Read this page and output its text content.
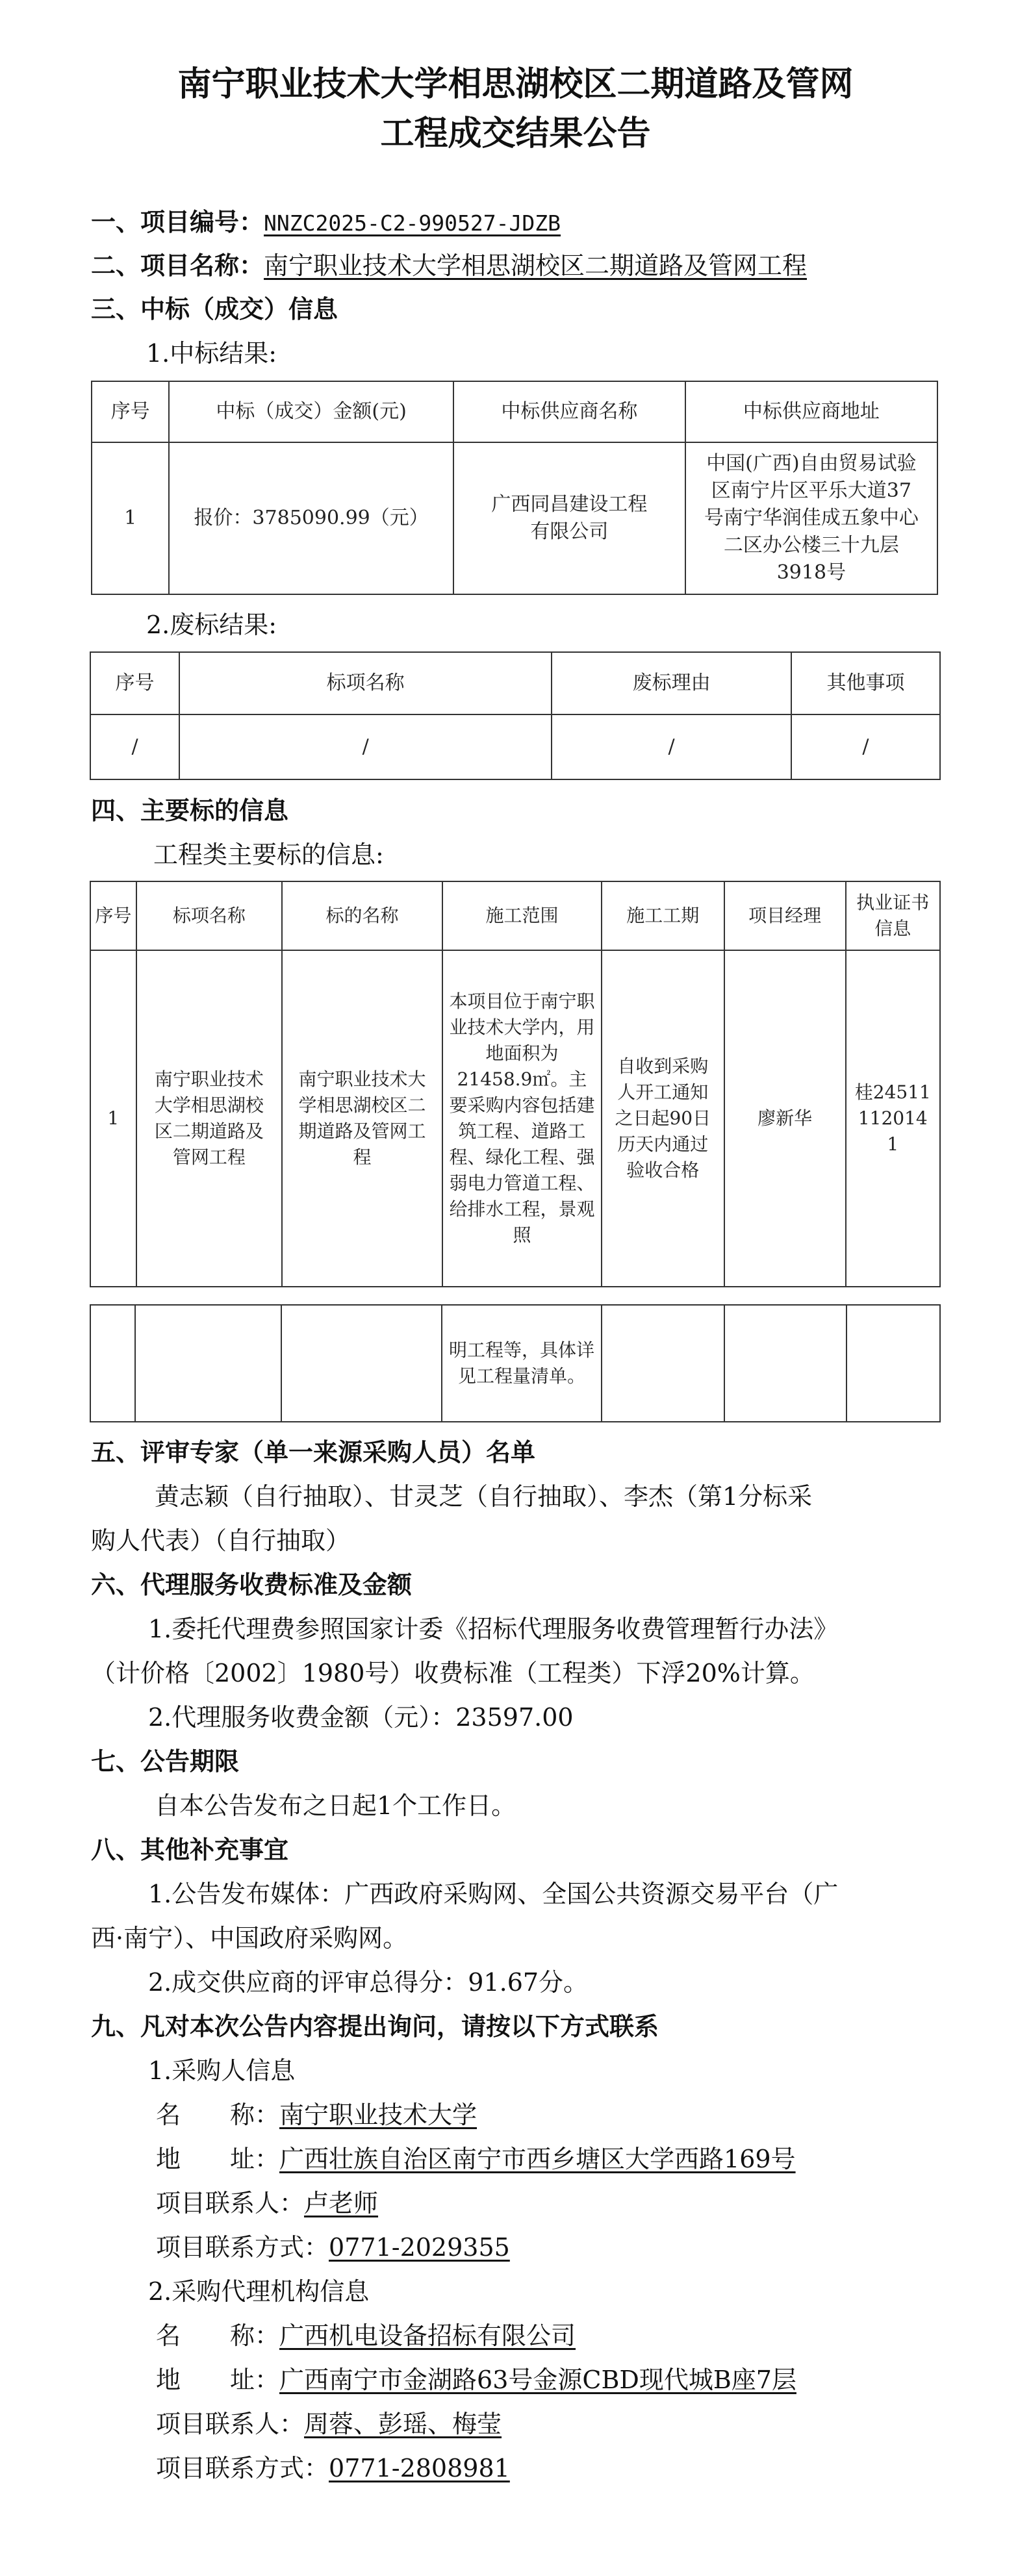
南宁职业技术大学相思湖校区二期道路及管网
工程成交结果公告
一、项目编号：NNZC2025-C2-990527-JDZB
二、项目名称：南宁职业技术大学相思湖校区二期道路及管网工程
三、中标（成交）信息
1.中标结果:
序号	中标（成交）金额(元)	中标供应商名称	中标供应商地址
1	报价：3785090.99（元）	广西同昌建设工程有限公司	中国(广西)自由贸易试验区南宁片区平乐大道37号南宁华润佳成五象中心二区办公楼三十九层3918号
2.废标结果:
序号	标项名称	废标理由	其他事项
/	/	/	/
四、主要标的信息
工程类主要标的信息:
序号	标项名称	标的名称	施工范围	施工工期	项目经理	执业证书信息
1	南宁职业技术大学相思湖校区二期道路及管网工程	南宁职业技术大学相思湖校区二期道路及管网工程	本项目位于南宁职业技术大学内，用地面积为21458.9㎡。主要采购内容包括建筑工程、道路工程、绿化工程、强弱电力管道工程、给排水工程，景观照	自收到采购人开工通知之日起90日历天内通过验收合格	廖新华	桂245111120141
			明工程等，具体详见工程量清单。			
五、评审专家（单一来源采购人员）名单
黄志颖（自行抽取）、甘灵芝（自行抽取）、李杰（第1分标采
购人代表）（自行抽取）
六、代理服务收费标准及金额
1.委托代理费参照国家计委《招标代理服务收费管理暂行办法》
（计价格〔2002〕1980号）收费标准（工程类）下浮20%计算。
2.代理服务收费金额（元）：23597.00
七、公告期限
自本公告发布之日起1个工作日。
八、其他补充事宜
1.公告发布媒体：广西政府采购网、全国公共资源交易平台（广
西·南宁）、中国政府采购网。
2.成交供应商的评审总得分：91.67分。
九、凡对本次公告内容提出询问，请按以下方式联系
1.采购人信息
名　　称：南宁职业技术大学
地　　址：广西壮族自治区南宁市西乡塘区大学西路169号
项目联系人：卢老师
项目联系方式：0771-2029355
2.采购代理机构信息
名　　称：广西机电设备招标有限公司
地　　址：广西南宁市金湖路63号金源CBD现代城B座7层
项目联系人：周蓉、彭瑶、梅莹
项目联系方式：0771-2808981
